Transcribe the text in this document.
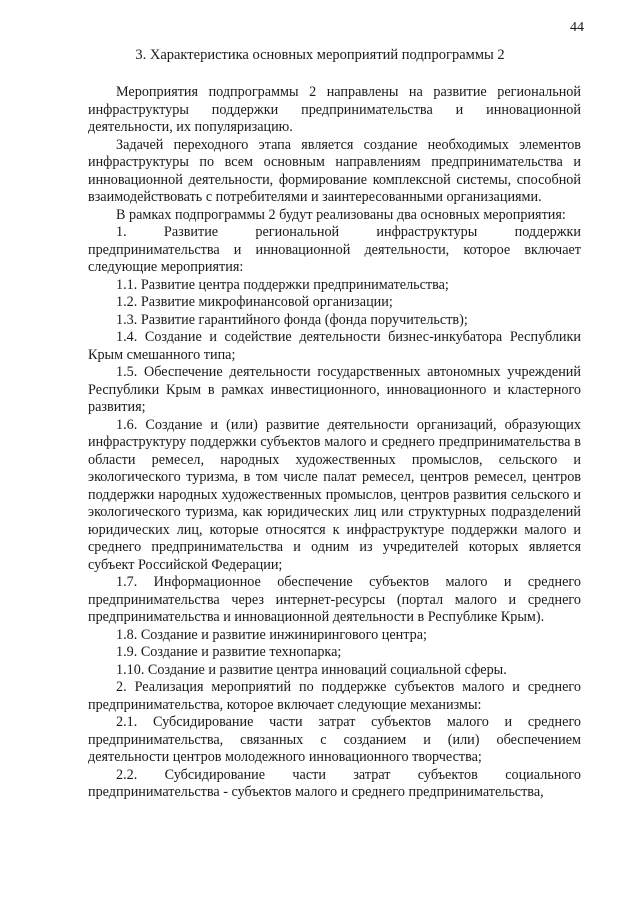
44
3. Характеристика основных мероприятий подпрограммы 2

Мероприятия подпрограммы 2 направлены на развитие региональной инфраструктуры поддержки предпринимательства и инновационной деятельности, их популяризацию.

Задачей переходного этапа является создание необходимых элементов инфраструктуры по всем основным направлениям предпринимательства и инновационной деятельности, формирование комплексной системы, способной взаимодействовать с потребителями и заинтересованными организациями.

В рамках подпрограммы 2 будут реализованы два основных мероприятия:

1. Развитие региональной инфраструктуры поддержки предпринимательства и инновационной деятельности, которое включает следующие мероприятия:

1.1. Развитие центра поддержки предпринимательства;

1.2. Развитие микрофинансовой организации;

1.3. Развитие гарантийного фонда (фонда поручительств);

1.4. Создание и содействие деятельности бизнес-инкубатора Республики Крым смешанного типа;

1.5. Обеспечение деятельности государственных автономных учреждений Республики Крым в рамках инвестиционного, инновационного и кластерного развития;

1.6. Создание и (или) развитие деятельности организаций, образующих инфраструктуру поддержки субъектов малого и среднего предпринимательства в области ремесел, народных художественных промыслов, сельского и экологического туризма, в том числе палат ремесел, центров ремесел, центров поддержки народных художественных промыслов, центров развития сельского и экологического туризма, как юридических лиц или структурных подразделений юридических лиц, которые относятся к инфраструктуре поддержки малого и среднего предпринимательства и одним из учредителей которых является субъект Российской Федерации;

1.7. Информационное обеспечение субъектов малого и среднего предпринимательства через интернет-ресурсы (портал малого и среднего предпринимательства и инновационной деятельности в Республике Крым).

1.8. Создание и развитие инжинирингового центра;

1.9. Создание и развитие технопарка;

1.10. Создание и развитие центра инноваций социальной сферы.

2. Реализация мероприятий по поддержке субъектов малого и среднего предпринимательства, которое включает следующие механизмы:

2.1. Субсидирование части затрат субъектов малого и среднего предпринимательства, связанных с созданием и (или) обеспечением деятельности центров молодежного инновационного творчества;

2.2. Субсидирование части затрат субъектов социального предпринимательства - субъектов малого и среднего предпринимательства,
